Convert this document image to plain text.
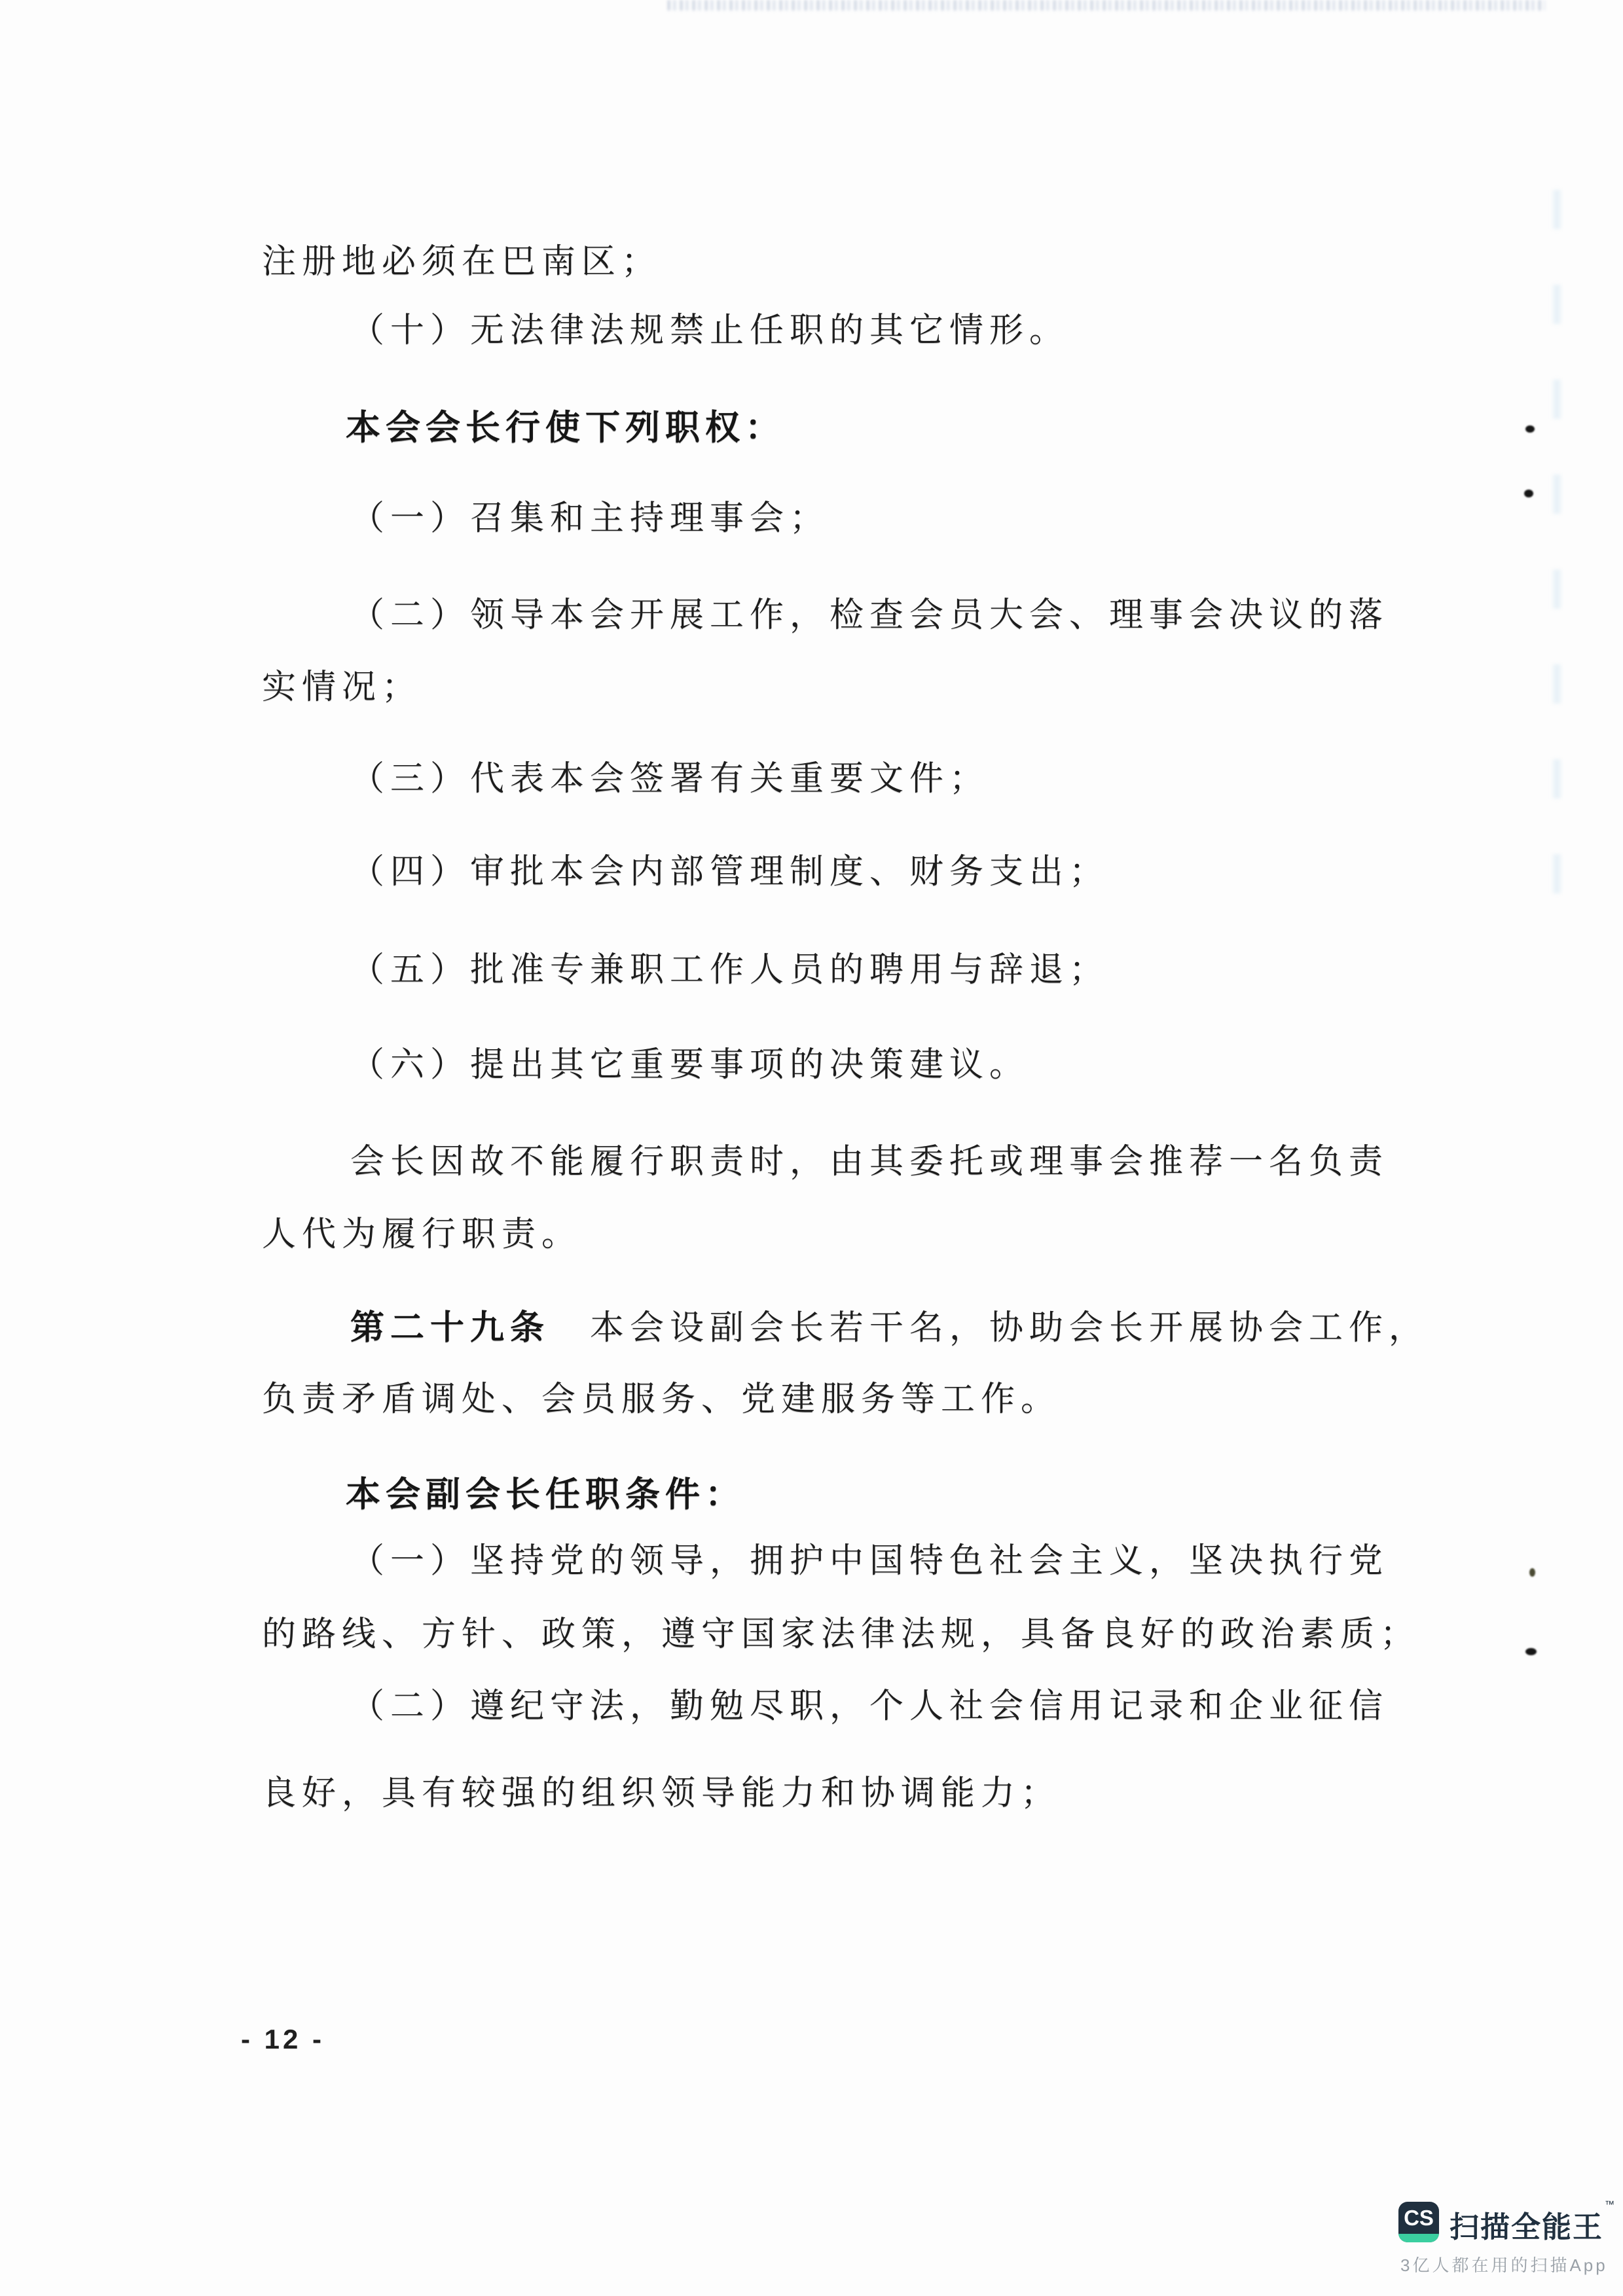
注册地必须在巴南区；
（十）无法律法规禁止任职的其它情形。
本会会长行使下列职权：
（一）召集和主持理事会；
（二）领导本会开展工作，检查会员大会、理事会决议的落
实情况；
（三）代表本会签署有关重要文件；
（四）审批本会内部管理制度、财务支出；
（五）批准专兼职工作人员的聘用与辞退；
（六）提出其它重要事项的决策建议。
会长因故不能履行职责时，由其委托或理事会推荐一名负责
人代为履行职责。
第二十九条　本会设副会长若干名，协助会长开展协会工作，
负责矛盾调处、会员服务、党建服务等工作。
本会副会长任职条件：
（一）坚持党的领导，拥护中国特色社会主义，坚决执行党
的路线、方针、政策，遵守国家法律法规，具备良好的政治素质；
（二）遵纪守法，勤勉尽职，个人社会信用记录和企业征信
良好，具有较强的组织领导能力和协调能力；
- 12 -
CS 扫描全能王™
3亿人都在用的扫描App
